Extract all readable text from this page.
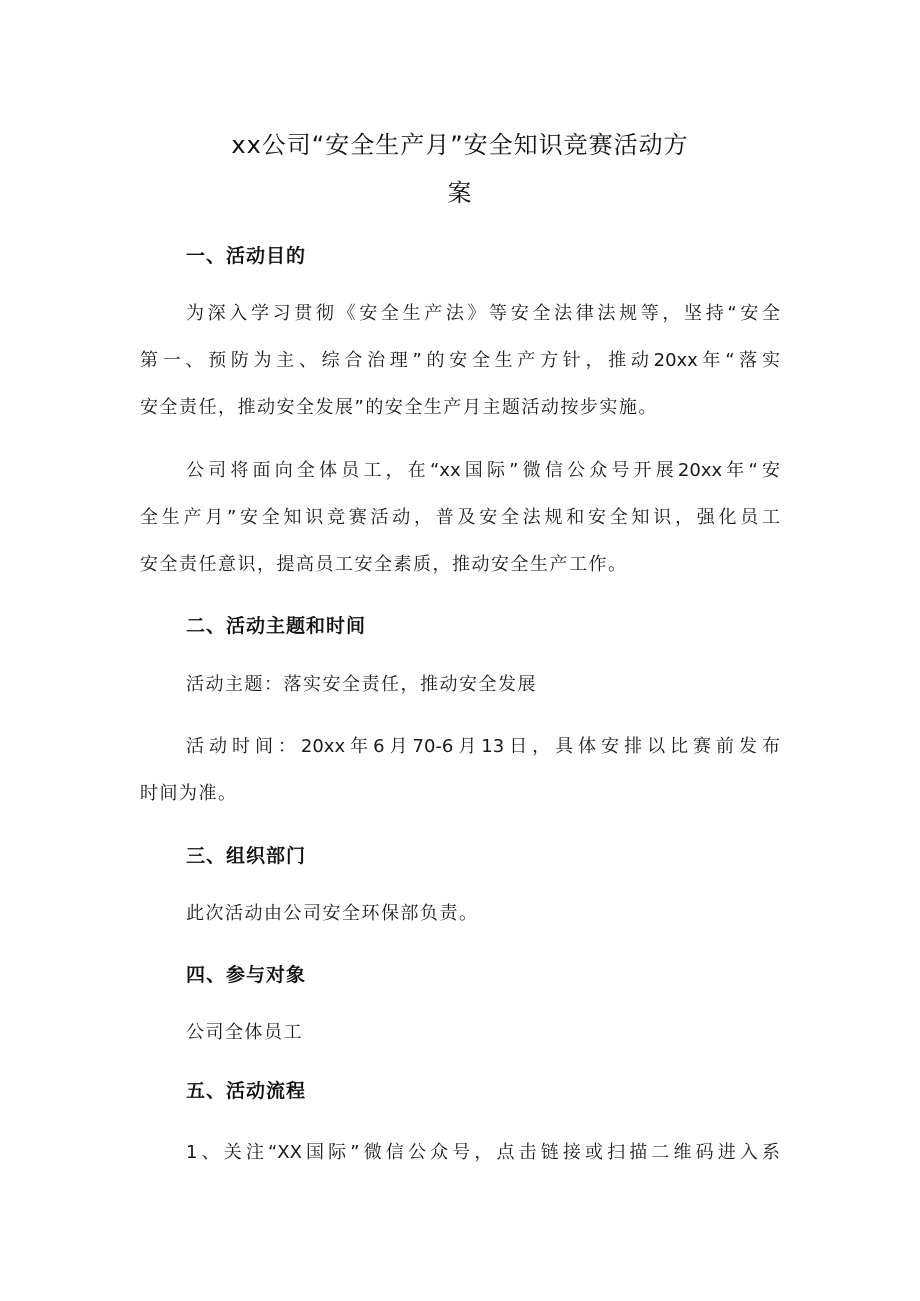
xx公司“安全生产月”安全知识竞赛活动方
案
一、活动目的
为深入学习贯彻《安全生产法》等安全法律法规等，坚持“安全
第一、预防为主、综合治理”的安全生产方针，推动20xx年“落实
安全责任，推动安全发展”的安全生产月主题活动按步实施。
公司将面向全体员工，在“xx国际”微信公众号开展20xx年“安
全生产月”安全知识竞赛活动，普及安全法规和安全知识，强化员工
安全责任意识，提高员工安全素质，推动安全生产工作。
二、活动主题和时间
活动主题：落实安全责任，推动安全发展
活动时间：20xx年6月70-6月13日，具体安排以比赛前发布
时间为准。
三、组织部门
此次活动由公司安全环保部负责。
四、参与对象
公司全体员工
五、活动流程
1、关注“XX国际”微信公众号，点击链接或扫描二维码进入系
